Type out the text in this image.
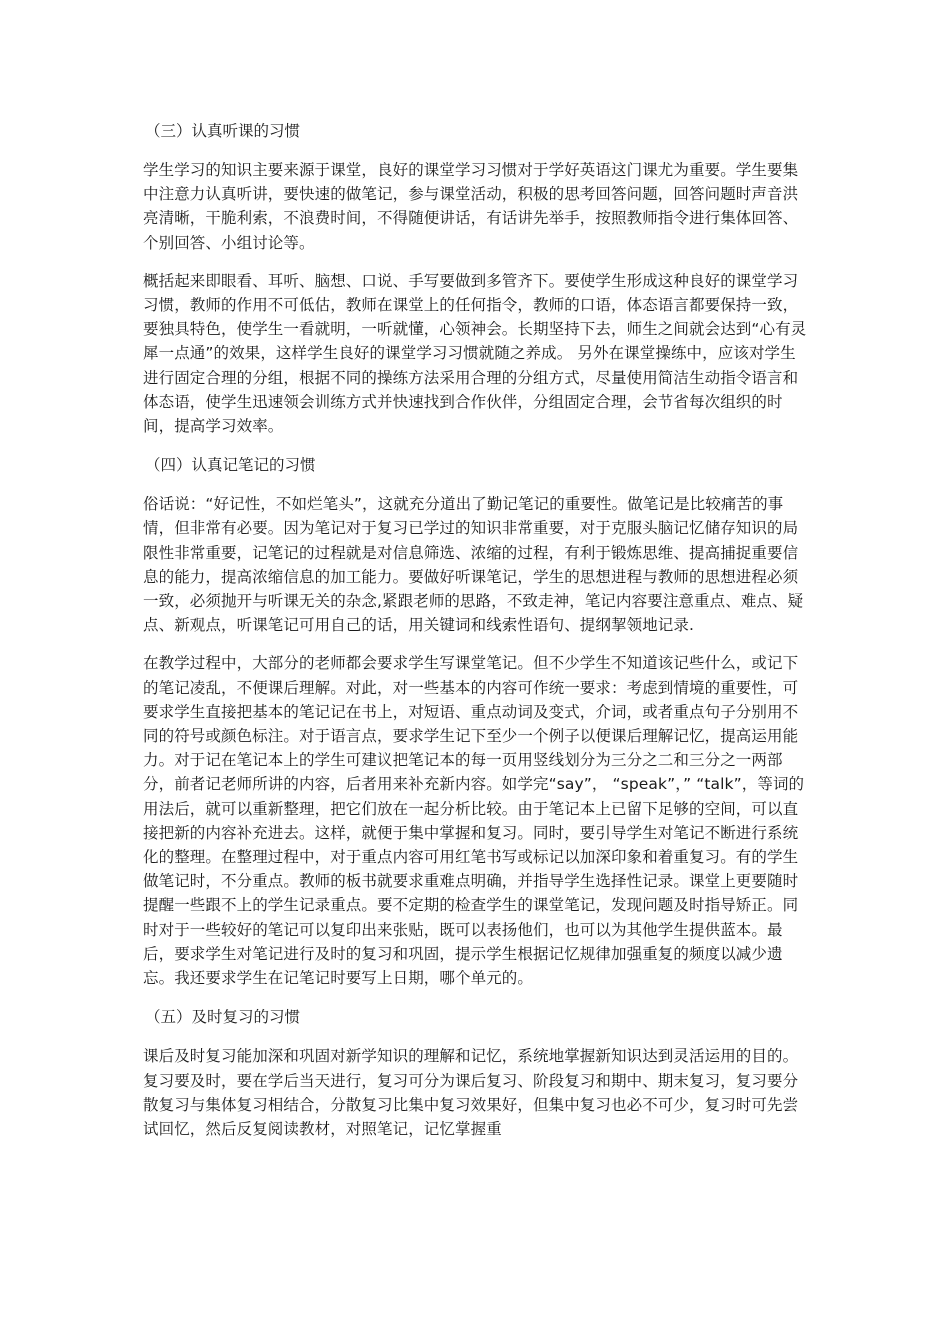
（三）认真听课的习惯

学生学习的知识主要来源于课堂，良好的课堂学习习惯对于学好英语这门课尤为重要。学生要集中注意力认真听讲，要快速的做笔记，参与课堂活动，积极的思考回答问题，回答问题时声音洪亮清晰，干脆利索，不浪费时间，不得随便讲话，有话讲先举手，按照教师指令进行集体回答、个别回答、小组讨论等。

概括起来即眼看、耳听、脑想、口说、手写要做到多管齐下。要使学生形成这种良好的课堂学习习惯，教师的作用不可低估，教师在课堂上的任何指令，教师的口语，体态语言都要保持一致，要独具特色，使学生一看就明，一听就懂，心领神会。长期坚持下去，师生之间就会达到“心有灵犀一点通”的效果，这样学生良好的课堂学习习惯就随之养成。 另外在课堂操练中，应该对学生进行固定合理的分组，根据不同的操练方法采用合理的分组方式，尽量使用简洁生动指令语言和体态语，使学生迅速领会训练方式并快速找到合作伙伴，分组固定合理，会节省每次组织的时间，提高学习效率。

（四）认真记笔记的习惯

俗话说：“好记性，不如烂笔头”，这就充分道出了勤记笔记的重要性。做笔记是比较痛苦的事情，但非常有必要。因为笔记对于复习已学过的知识非常重要，对于克服头脑记忆储存知识的局限性非常重要，记笔记的过程就是对信息筛选、浓缩的过程，有利于锻炼思维、提高捕捉重要信息的能力，提高浓缩信息的加工能力。要做好听课笔记，学生的思想进程与教师的思想进程必须一致，必须抛开与听课无关的杂念,紧跟老师的思路，不致走神，笔记内容要注意重点、难点、疑点、新观点，听课笔记可用自己的话，用关键词和线索性语句、提纲挈领地记录.

在教学过程中，大部分的老师都会要求学生写课堂笔记。但不少学生不知道该记些什么，或记下的笔记凌乱，不便课后理解。对此，对一些基本的内容可作统一要求：考虑到情境的重要性，可要求学生直接把基本的笔记记在书上，对短语、重点动词及变式，介词，或者重点句子分别用不同的符号或颜色标注。对于语言点，要求学生记下至少一个例子以便课后理解记忆，提高运用能力。对于记在笔记本上的学生可建议把笔记本的每一页用竖线划分为三分之二和三分之一两部分，前者记老师所讲的内容，后者用来补充新内容。如学完“say”， “speak”，” “talk”，等词的用法后，就可以重新整理，把它们放在一起分析比较。由于笔记本上已留下足够的空间，可以直接把新的内容补充进去。这样，就便于集中掌握和复习。同时，要引导学生对笔记不断进行系统化的整理。在整理过程中，对于重点内容可用红笔书写或标记以加深印象和着重复习。有的学生做笔记时，不分重点。教师的板书就要求重难点明确，并指导学生选择性记录。课堂上更要随时提醒一些跟不上的学生记录重点。要不定期的检查学生的课堂笔记，发现问题及时指导矫正。同时对于一些较好的笔记可以复印出来张贴，既可以表扬他们，也可以为其他学生提供蓝本。最后，要求学生对笔记进行及时的复习和巩固，提示学生根据记忆规律加强重复的频度以减少遗忘。我还要求学生在记笔记时要写上日期，哪个单元的。

（五）及时复习的习惯

课后及时复习能加深和巩固对新学知识的理解和记忆，系统地掌握新知识达到灵活运用的目的。复习要及时，要在学后当天进行，复习可分为课后复习、阶段复习和期中、期末复习，复习要分散复习与集体复习相结合，分散复习比集中复习效果好，但集中复习也必不可少，复习时可先尝试回忆，然后反复阅读教材，对照笔记，记忆掌握重
